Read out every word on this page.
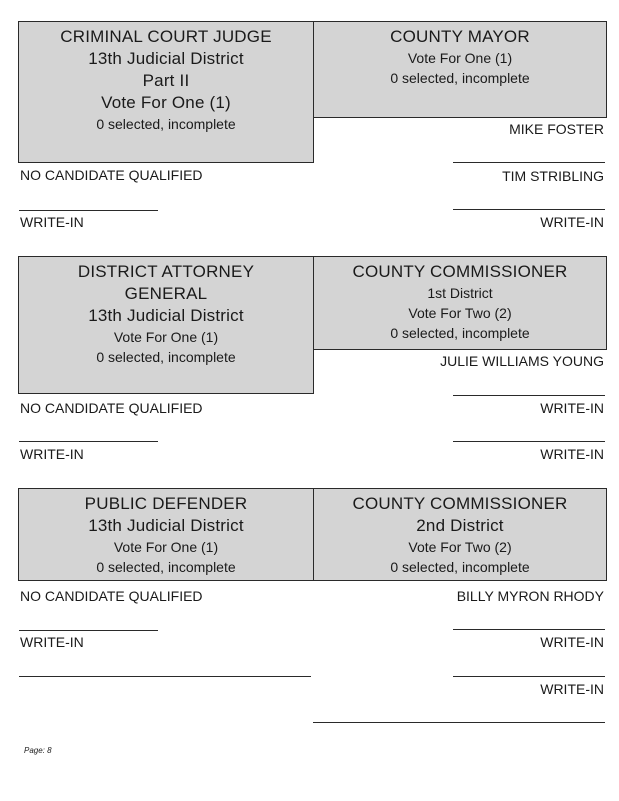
CRIMINAL COURT JUDGE
13th Judicial District
Part II
Vote For One (1)
0 selected, incomplete
COUNTY MAYOR
Vote For One (1)
0 selected, incomplete
MIKE FOSTER
TIM STRIBLING
WRITE-IN
NO CANDIDATE QUALIFIED
WRITE-IN
DISTRICT ATTORNEY
GENERAL
13th Judicial District
Vote For One (1)
0 selected, incomplete
COUNTY COMMISSIONER
1st District
Vote For Two (2)
0 selected, incomplete
JULIE WILLIAMS YOUNG
WRITE-IN
WRITE-IN
NO CANDIDATE QUALIFIED
WRITE-IN
PUBLIC DEFENDER
13th Judicial District
Vote For One (1)
0 selected, incomplete
COUNTY COMMISSIONER
2nd District
Vote For Two (2)
0 selected, incomplete
NO CANDIDATE QUALIFIED
WRITE-IN
BILLY MYRON RHODY
WRITE-IN
WRITE-IN
Page: 8
